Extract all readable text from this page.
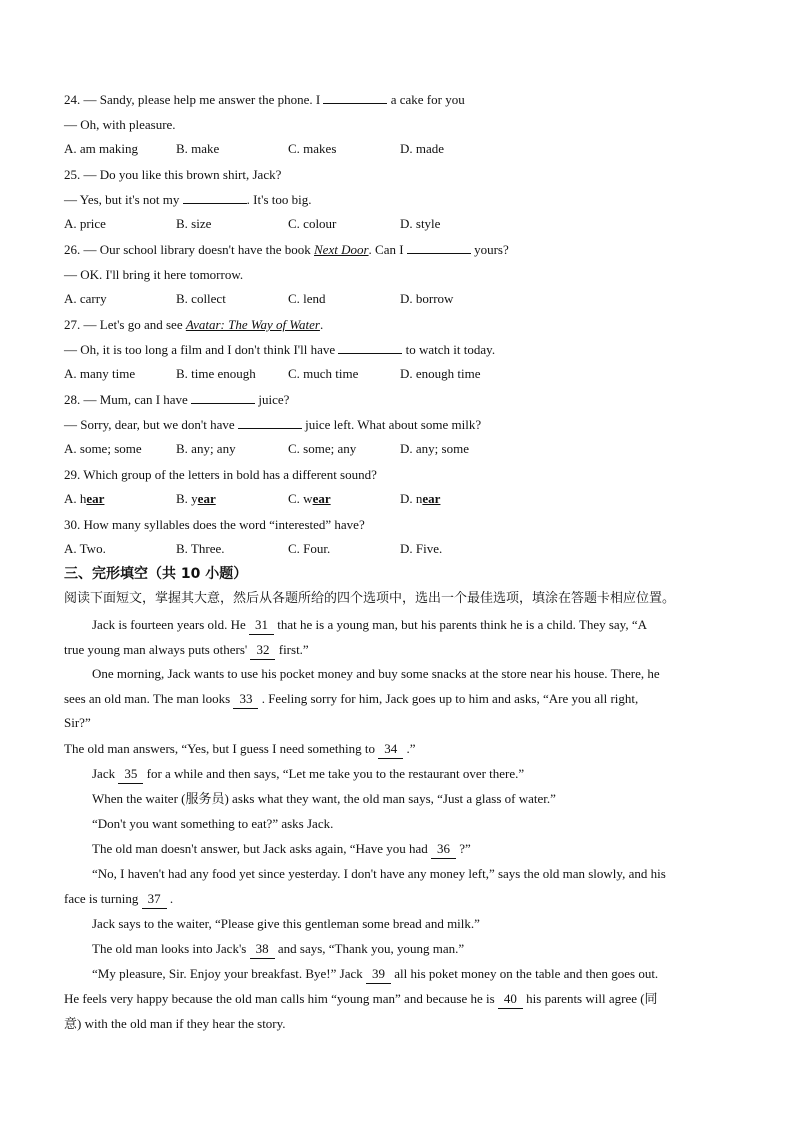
24. — Sandy, please help me answer the phone. I	a cake for you
— Oh, with pleasure.
A. am making	B. make	C. makes	D. made
25. — Do you like this brown shirt, Jack?
— Yes, but it's not my	. It's too big.
A. price	B. size	C. colour	D. style
26. — Our school library doesn't have the book Next Door. Can I	yours?
— OK. I'll bring it here tomorrow.
A. carry	B. collect	C. lend	D. borrow
27. — Let's go and see Avatar: The Way of Water.
— Oh, it is too long a film and I don't think I'll have	to watch it today.
A. many time	B. time enough C. much time	D. enough time
28. — Mum, can I have	juice?
— Sorry, dear, but we don't have	juice left. What about some milk?
A. some; some	B. any; any	C. some; any	D. any; some
29. Which group of the letters in bold has a different sound?
A. hear	B. year	C. wear	D. near
30. How many syllables does the word “interested” have?
A. Two.	B. Three.	C. Four.	D. Five.
三、完形填空（共 10 小题）
阅读下面短文，掌握其大意，然后从各题所给的四个选项中，选出一个最佳选项，填涂在答题卡相应位置。
Jack is fourteen years old. He 31 that he is a young man, but his parents think he is a child. They say, “A
true young man always puts others' 32 first.”
One morning, Jack wants to use his pocket money and buy some snacks at the store near his house. There, he
sees an old man. The man looks 33 . Feeling sorry for him, Jack goes up to him and asks, “Are you all right,
Sir?”
The old man answers, “Yes, but I guess I need something to 34 .”
Jack 35 for a while and then says, “Let me take you to the restaurant over there.”
When the waiter (服务员) asks what they want, the old man says, “Just a glass of water.”
“Don't you want something to eat?” asks Jack.
The old man doesn't answer, but Jack asks again, “Have you had 36 ?”
“No, I haven't had any food yet since yesterday. I don't have any money left,” says the old man slowly, and his
face is turning 37 .
Jack says to the waiter, “Please give this gentleman some bread and milk.”
The old man looks into Jack's 38 and says, “Thank you, young man.”
“My pleasure, Sir. Enjoy your breakfast. Bye!” Jack 39 all his poket money on the table and then goes out.
He feels very happy because the old man calls him “young man” and because he is 40 his parents will agree (同
意) with the old man if they hear the story.
